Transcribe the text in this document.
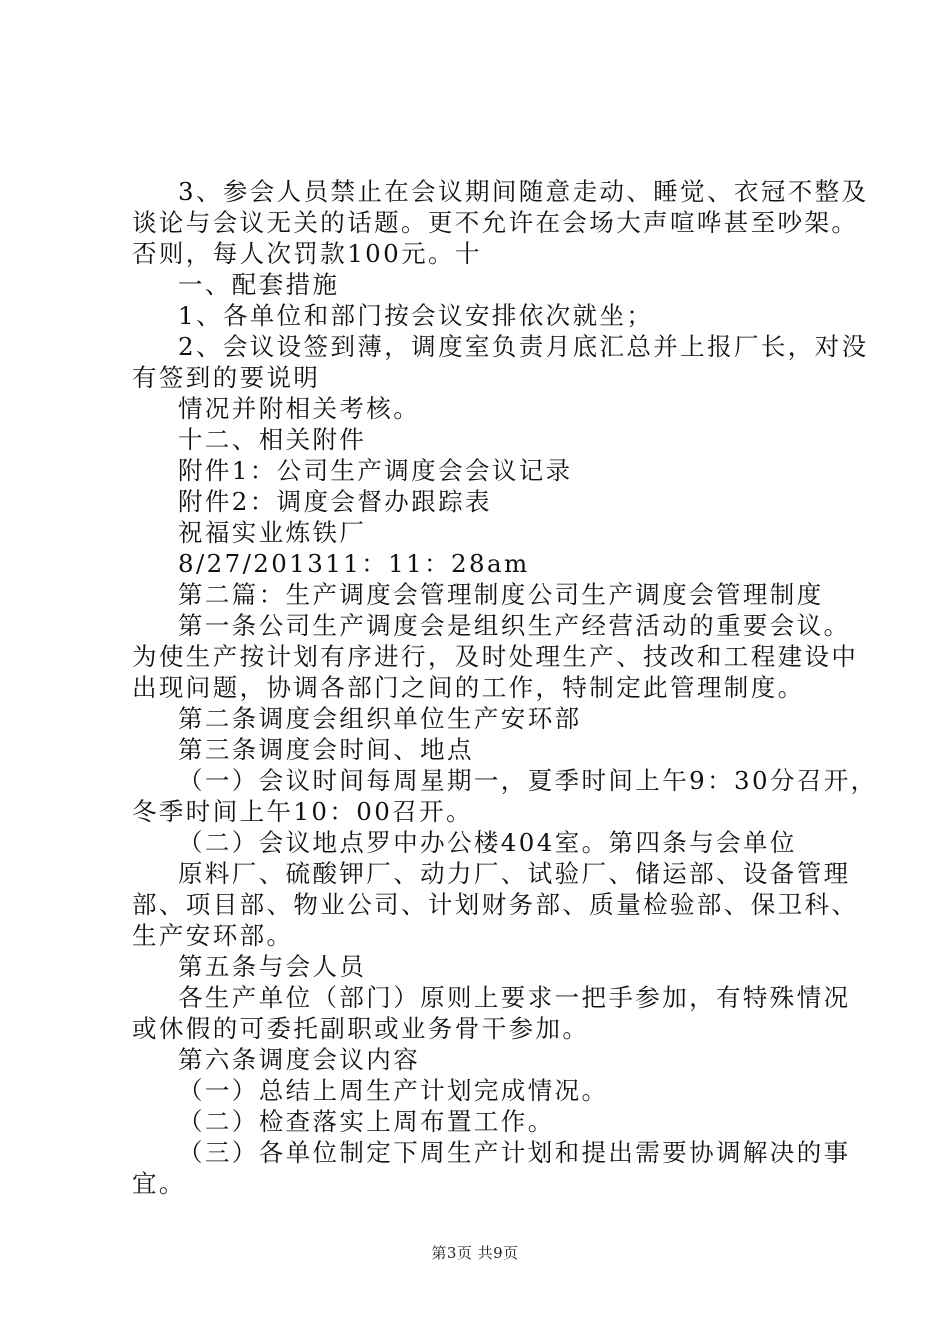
3、参会人员禁止在会议期间随意走动、睡觉、衣冠不整及
谈论与会议无关的话题。更不允许在会场大声喧哗甚至吵架。
否则，每人次罚款100元。十
一、配套措施
1、各单位和部门按会议安排依次就坐；
2、会议设签到薄，调度室负责月底汇总并上报厂长，对没
有签到的要说明
情况并附相关考核。
十二、相关附件
附件1：公司生产调度会会议记录
附件2：调度会督办跟踪表
祝福实业炼铁厂
8/27/201311：11：28am
第二篇：生产调度会管理制度公司生产调度会管理制度
第一条公司生产调度会是组织生产经营活动的重要会议。
为使生产按计划有序进行，及时处理生产、技改和工程建设中
出现问题，协调各部门之间的工作，特制定此管理制度。
第二条调度会组织单位生产安环部
第三条调度会时间、地点
（一）会议时间每周星期一，夏季时间上午9：30分召开，
冬季时间上午10：00召开。
（二）会议地点罗中办公楼404室。第四条与会单位
原料厂、硫酸钾厂、动力厂、试验厂、储运部、设备管理
部、项目部、物业公司、计划财务部、质量检验部、保卫科、
生产安环部。
第五条与会人员
各生产单位（部门）原则上要求一把手参加，有特殊情况
或休假的可委托副职或业务骨干参加。
第六条调度会议内容
（一）总结上周生产计划完成情况。
（二）检查落实上周布置工作。
（三）各单位制定下周生产计划和提出需要协调解决的事
宜。
第3页 共9页
